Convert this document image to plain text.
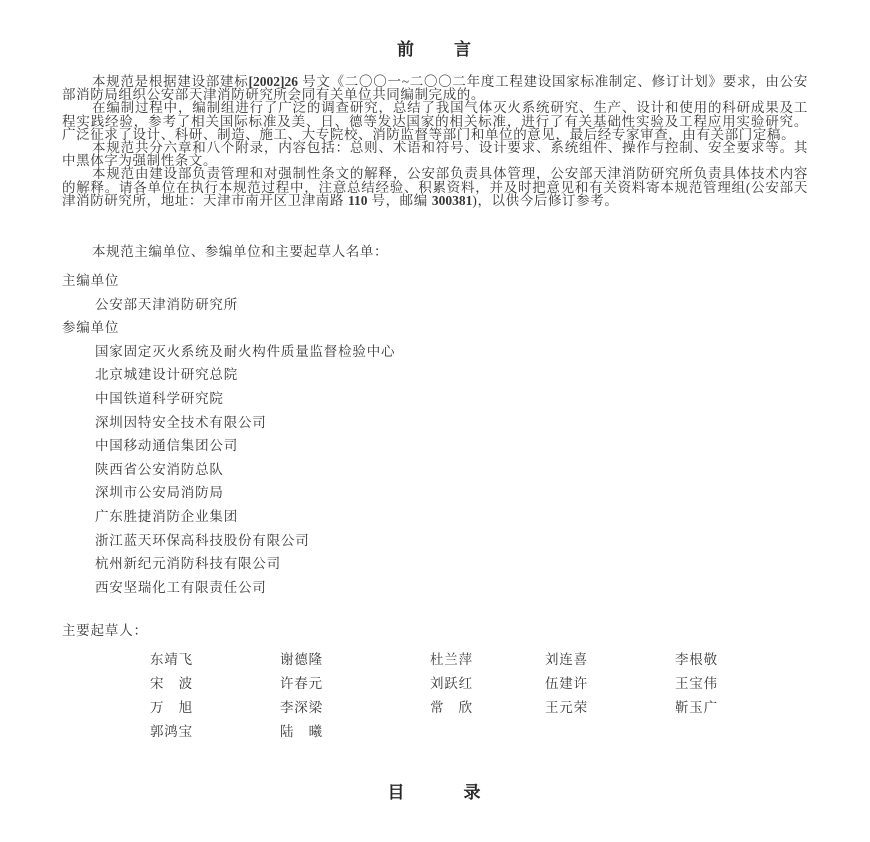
前　　言

本规范是根据建设部建标[2002]26 号文《二〇〇一~二〇〇二年度工程建设国家标准制定、修订计划》要求，由公安部消防局组织公安部天津消防研究所会同有关单位共同编制完成的。

在编制过程中，编制组进行了广泛的调查研究，总结了我国气体灭火系统研究、生产、设计和使用的科研成果及工程实践经验，参考了相关国际标准及美、日、德等发达国家的相关标准，进行了有关基础性实验及工程应用实验研究。广泛征求了设计、科研、制造、施工、大专院校、消防监督等部门和单位的意见，最后经专家审查，由有关部门定稿。

本规范共分六章和八个附录，内容包括：总则、术语和符号、设计要求、系统组件、操作与控制、安全要求等。其中黑体字为强制性条文。

本规范由建设部负责管理和对强制性条文的解释，公安部负责具体管理，公安部天津消防研究所负责具体技术内容的解释。请各单位在执行本规范过程中，注意总结经验、积累资料，并及时把意见和有关资料寄本规范管理组(公安部天津消防研究所，地址：天津市南开区卫津南路 110 号，邮编 300381)，以供今后修订参考。

本规范主编单位、参编单位和主要起草人名单：

主编单位
公安部天津消防研究所
参编单位
国家固定灭火系统及耐火构件质量监督检验中心
北京城建设计研究总院
中国铁道科学研究院
深圳因特安全技术有限公司
中国移动通信集团公司
陕西省公安消防总队
深圳市公安局消防局
广东胜捷消防企业集团
浙江蓝天环保高科技股份有限公司
杭州新纪元消防科技有限公司
西安坚瑞化工有限责任公司
主要起草人：
东靖飞	谢德隆	杜兰萍	刘连喜	李根敬
宋　波	许春元	刘跃红	伍建许	王宝伟
万　旭	李深梁	常　欣	王元荣	靳玉广
郭鸿宝	陆　曦
目　　　录
